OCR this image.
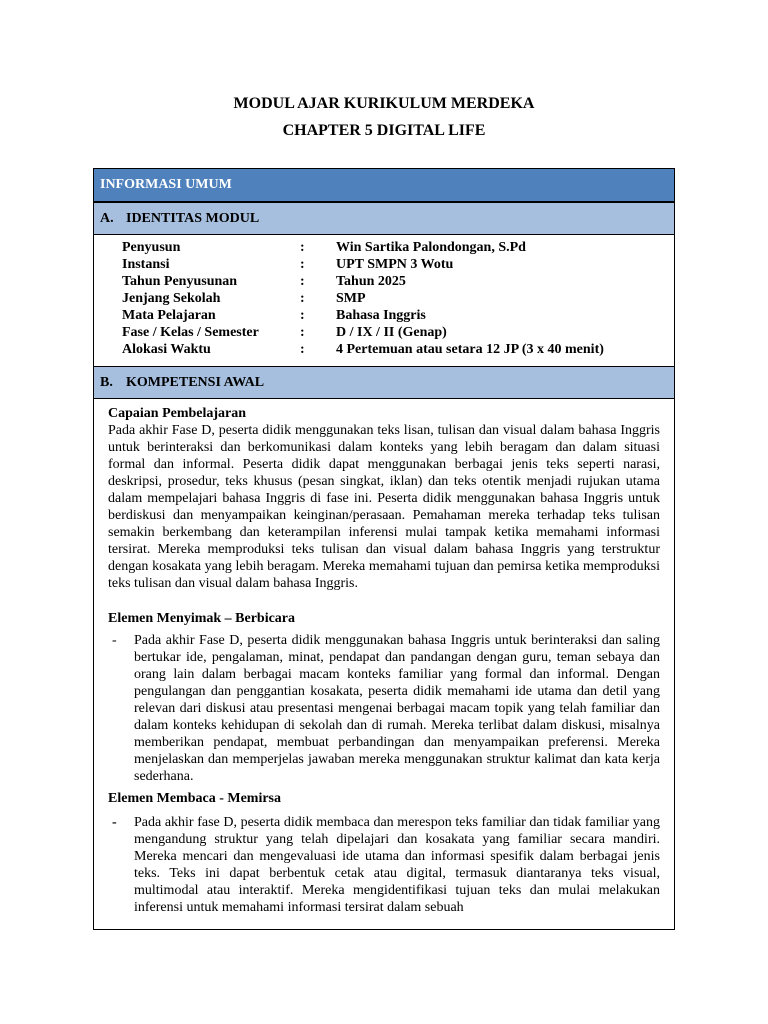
MODUL AJAR KURIKULUM MERDEKA
CHAPTER 5 DIGITAL LIFE
INFORMASI UMUM
A. IDENTITAS MODUL
Penyusun	:	Win Sartika Palondongan, S.Pd
Instansi	:	UPT SMPN 3 Wotu
Tahun Penyusunan	:	Tahun 2025
Jenjang Sekolah	:	SMP
Mata Pelajaran	:	Bahasa Inggris
Fase / Kelas / Semester	:	D / IX / II (Genap)
Alokasi Waktu	:	4 Pertemuan atau setara 12 JP (3 x 40 menit)
B. KOMPETENSI AWAL
Capaian Pembelajaran

Pada akhir Fase D, peserta didik menggunakan teks lisan, tulisan dan visual dalam bahasa Inggris untuk berinteraksi dan berkomunikasi dalam konteks yang lebih beragam dan dalam situasi formal dan informal. Peserta didik dapat menggunakan berbagai jenis teks seperti narasi, deskripsi, prosedur, teks khusus (pesan singkat, iklan) dan teks otentik menjadi rujukan utama dalam mempelajari bahasa Inggris di fase ini. Peserta didik menggunakan bahasa Inggris untuk berdiskusi dan menyampaikan keinginan/perasaan. Pemahaman mereka terhadap teks tulisan semakin berkembang dan keterampilan inferensi mulai tampak ketika memahami informasi tersirat. Mereka memproduksi teks tulisan dan visual dalam bahasa Inggris yang terstruktur dengan kosakata yang lebih beragam. Mereka memahami tujuan dan pemirsa ketika memproduksi teks tulisan dan visual dalam bahasa Inggris.

Elemen Menyimak – Berbicara
-	Pada akhir Fase D, peserta didik menggunakan bahasa Inggris untuk berinteraksi dan saling bertukar ide, pengalaman, minat, pendapat dan pandangan dengan guru, teman sebaya dan orang lain dalam berbagai macam konteks familiar yang formal dan informal. Dengan pengulangan dan penggantian kosakata, peserta didik memahami ide utama dan detil yang relevan dari diskusi atau presentasi mengenai berbagai macam topik yang telah familiar dan dalam konteks kehidupan di sekolah dan di rumah. Mereka terlibat dalam diskusi, misalnya memberikan pendapat, membuat perbandingan dan menyampaikan preferensi. Mereka menjelaskan dan memperjelas jawaban mereka menggunakan struktur kalimat dan kata kerja sederhana.

Elemen Membaca - Memirsa
-	Pada akhir fase D, peserta didik membaca dan merespon teks familiar dan tidak familiar yang mengandung struktur yang telah dipelajari dan kosakata yang familiar secara mandiri. Mereka mencari dan mengevaluasi ide utama dan informasi spesifik dalam berbagai jenis teks. Teks ini dapat berbentuk cetak atau digital, termasuk diantaranya teks visual, multimodal atau interaktif. Mereka mengidentifikasi tujuan teks dan mulai melakukan inferensi untuk memahami informasi tersirat dalam sebuah
